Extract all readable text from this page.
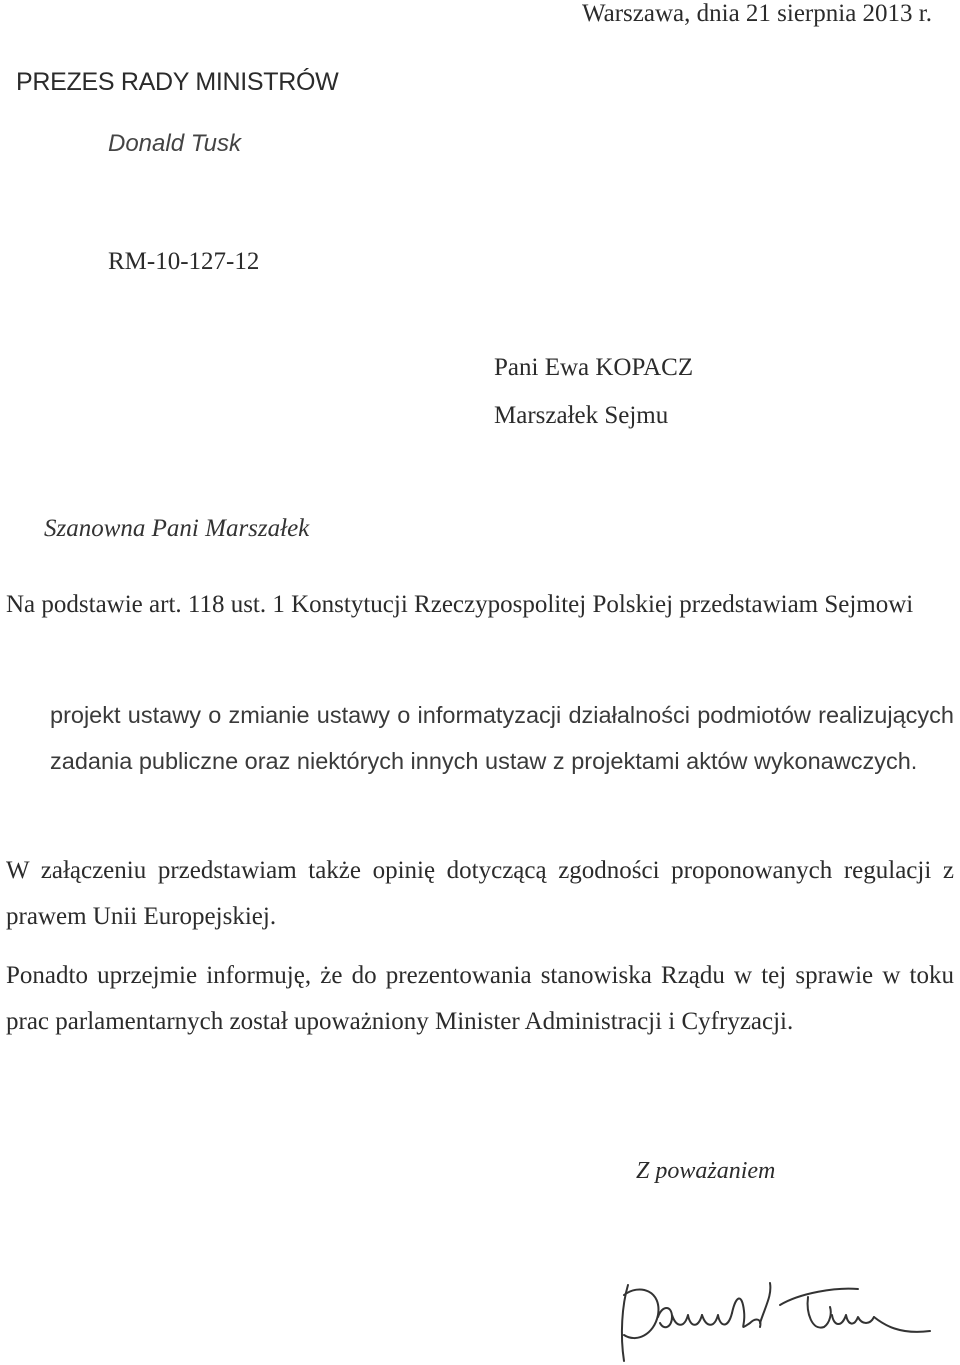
Warszawa, dnia 21 sierpnia 2013 r.
PREZES RADY MINISTRÓW
Donald Tusk
RM-10-127-12
Pani Ewa KOPACZ
Marszałek Sejmu
Szanowna Pani Marszałek
Na podstawie art. 118 ust. 1 Konstytucji Rzeczypospolitej Polskiej przedstawiam Sejmowi
projekt ustawy o zmianie ustawy o informatyzacji działalności podmiotów realizujących zadania publiczne oraz niektórych innych ustaw z projektami aktów wykonawczych.
W załączeniu przedstawiam także opinię dotyczącą zgodności proponowanych regulacji z prawem Unii Europejskiej.
Ponadto uprzejmie informuję, że do prezentowania stanowiska Rządu w tej sprawie w toku prac parlamentarnych został upoważniony Minister Administracji i Cyfryzacji.
Z poważaniem
